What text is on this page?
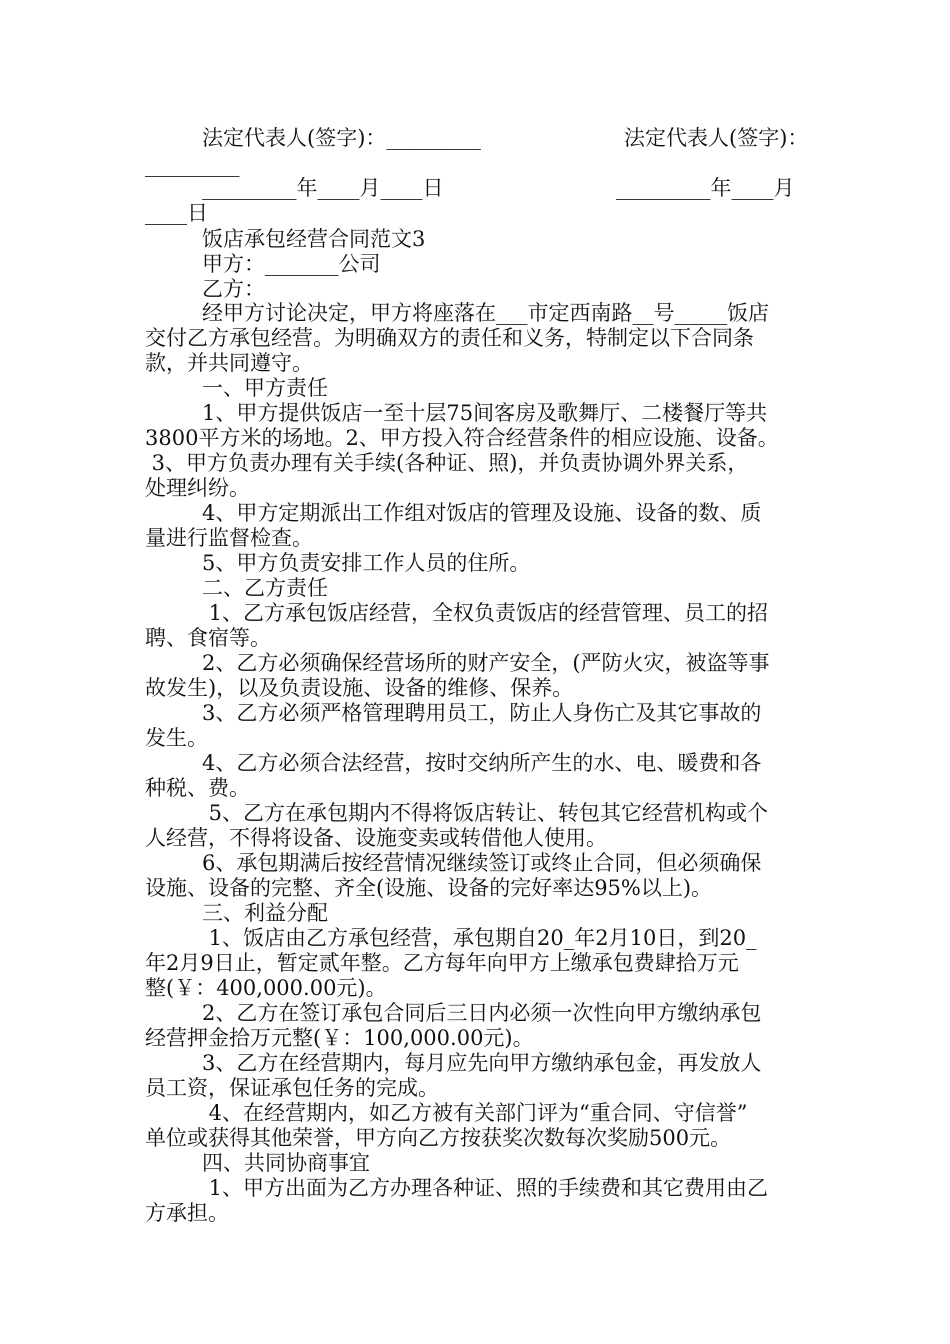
法定代表人(签字)：_________	法定代表人(签字)：
_________
_________年____月____日	_________年____月
____日
饭店承包经营合同范文3
甲方：_______公司
乙方：
经甲方讨论决定，甲方将座落在___市定西南路__号_____饭店
交付乙方承包经营。为明确双方的责任和义务，特制定以下合同条
款，并共同遵守。
一、甲方责任
1、甲方提供饭店一至十层75间客房及歌舞厅、二楼餐厅等共
3800平方米的场地。2、甲方投入符合经营条件的相应设施、设备。
3、甲方负责办理有关手续(各种证、照)，并负责协调外界关系，
处理纠纷。
4、甲方定期派出工作组对饭店的管理及设施、设备的数、质
量进行监督检查。
5、甲方负责安排工作人员的住所。
二、乙方责任
1、乙方承包饭店经营，全权负责饭店的经营管理、员工的招
聘、食宿等。
2、乙方必须确保经营场所的财产安全，(严防火灾，被盗等事
故发生)，以及负责设施、设备的维修、保养。
3、乙方必须严格管理聘用员工，防止人身伤亡及其它事故的
发生。
4、乙方必须合法经营，按时交纳所产生的水、电、暖费和各
种税、费。
5、乙方在承包期内不得将饭店转让、转包其它经营机构或个
人经营，不得将设备、设施变卖或转借他人使用。
6、承包期满后按经营情况继续签订或终止合同，但必须确保
设施、设备的完整、齐全(设施、设备的完好率达95%以上)。
三、利益分配
1、饭店由乙方承包经营，承包期自20_年2月10日，到20_
年2月9日止，暂定贰年整。乙方每年向甲方上缴承包费肆拾万元
整(￥：400,000.00元)。
2、乙方在签订承包合同后三日内必须一次性向甲方缴纳承包
经营押金拾万元整(￥：100,000.00元)。
3、乙方在经营期内，每月应先向甲方缴纳承包金，再发放人
员工资，保证承包任务的完成。
4、在经营期内，如乙方被有关部门评为“重合同、守信誉”
单位或获得其他荣誉，甲方向乙方按获奖次数每次奖励500元。
四、共同协商事宜
1、甲方出面为乙方办理各种证、照的手续费和其它费用由乙
方承担。
